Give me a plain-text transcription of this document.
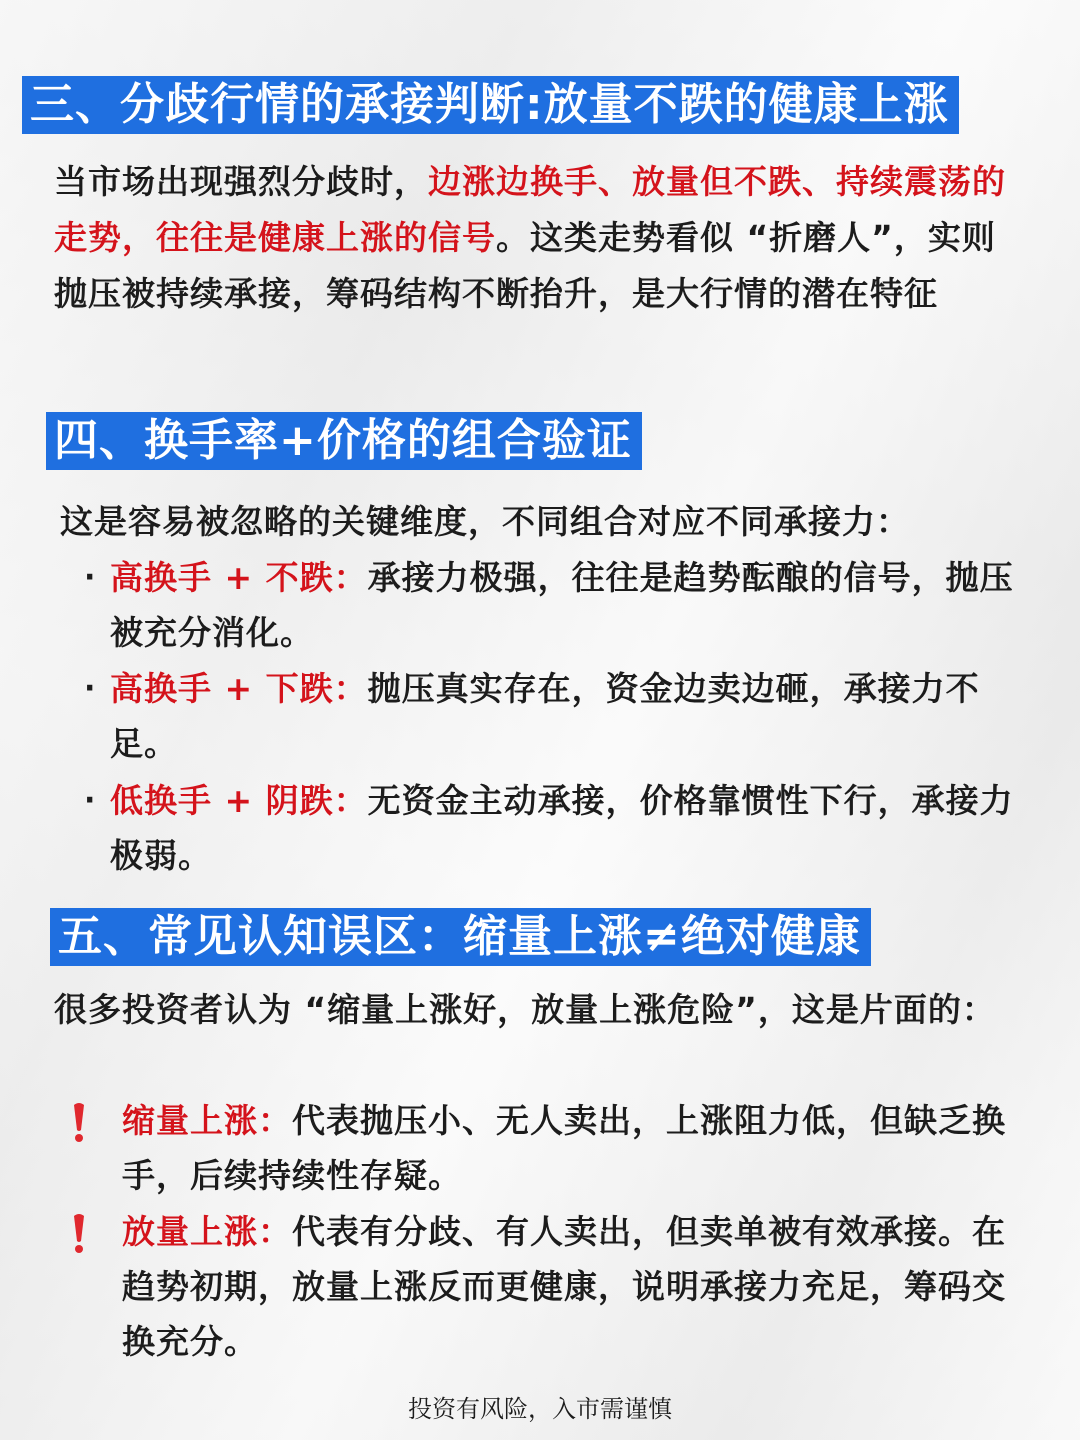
三、分歧行情的承接判断:放量不跌的健康上涨
当市场出现强烈分歧时，边涨边换手、放量但不跌、持续震荡的走势，往往是健康上涨的信号。这类走势看似 “折磨人”，实则抛压被持续承接，筹码结构不断抬升，是大行情的潜在特征
四、换手率+价格的组合验证
这是容易被忽略的关键维度，不同组合对应不同承接力：
· 高换手 + 不跌：承接力极强，往往是趋势酝酿的信号，抛压被充分消化。
· 高换手 + 下跌：抛压真实存在，资金边卖边砸，承接力不足。
· 低换手 + 阴跌：无资金主动承接，价格靠惯性下行，承接力极弱。
五、常见认知误区：缩量上涨≠绝对健康
很多投资者认为 “缩量上涨好，放量上涨危险”，这是片面的：
缩量上涨：代表抛压小、无人卖出，上涨阻力低，但缺乏换手，后续持续性存疑。
放量上涨：代表有分歧、有人卖出，但卖单被有效承接。在趋势初期，放量上涨反而更健康，说明承接力充足，筹码交换充分。
投资有风险，入市需谨慎
